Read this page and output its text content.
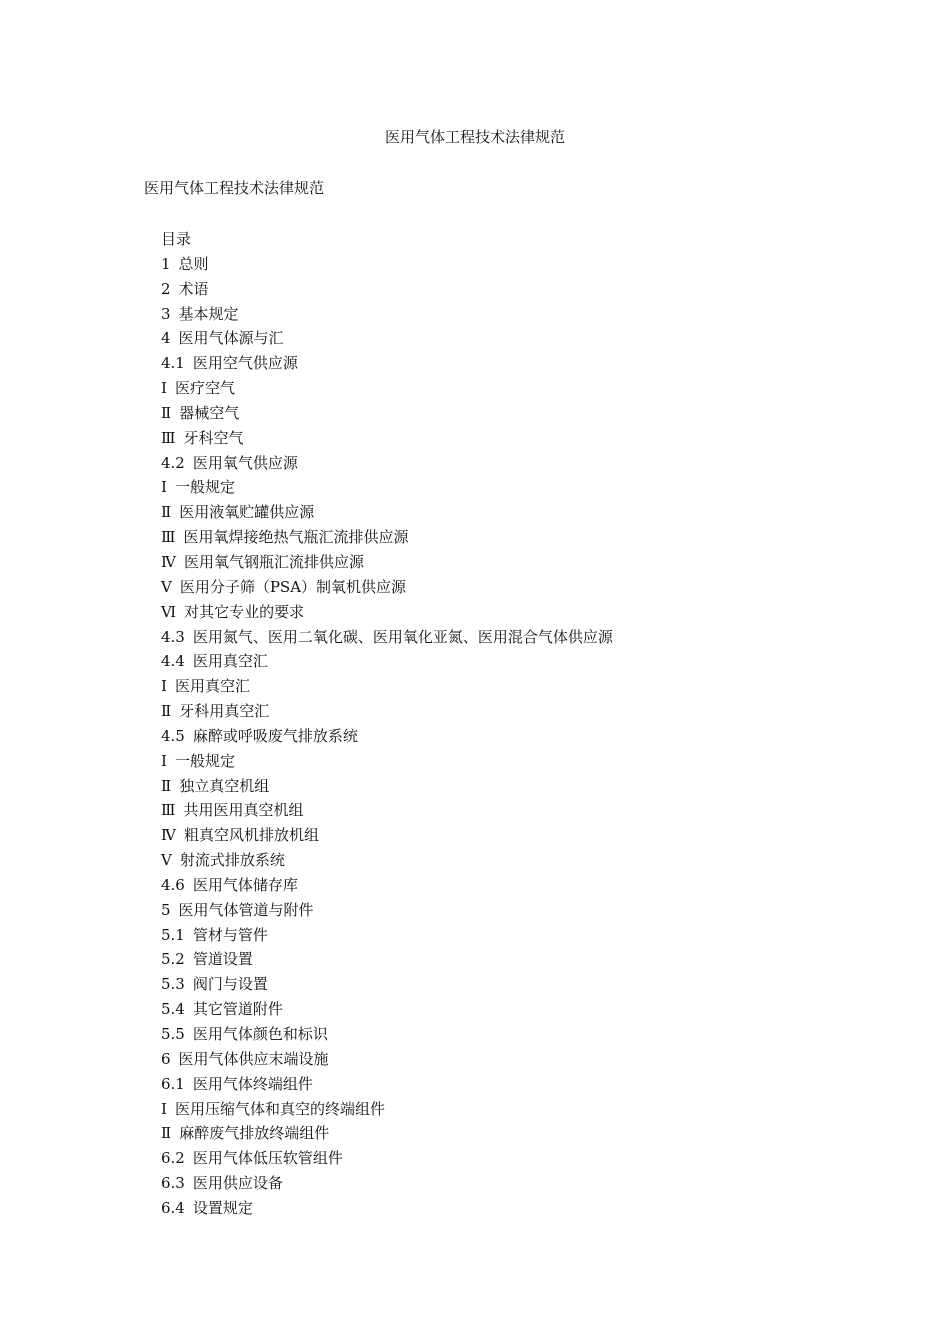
医用气体工程技术法律规范
医用气体工程技术法律规范
目录
1 总则
2 术语
3 基本规定
4 医用气体源与汇
4.1 医用空气供应源
Ⅰ 医疗空气
Ⅱ 器械空气
Ⅲ 牙科空气
4.2 医用氧气供应源
Ⅰ 一般规定
Ⅱ 医用液氧贮罐供应源
Ⅲ 医用氧焊接绝热气瓶汇流排供应源
Ⅳ 医用氧气钢瓶汇流排供应源
Ⅴ 医用分子筛（PSA）制氧机供应源
Ⅵ 对其它专业的要求
4.3 医用氮气、医用二氧化碳、医用氧化亚氮、医用混合气体供应源
4.4 医用真空汇
Ⅰ 医用真空汇
Ⅱ 牙科用真空汇
4.5 麻醉或呼吸废气排放系统
Ⅰ 一般规定
Ⅱ 独立真空机组
Ⅲ 共用医用真空机组
Ⅳ 粗真空风机排放机组
Ⅴ 射流式排放系统
4.6 医用气体储存库
5 医用气体管道与附件
5.1 管材与管件
5.2 管道设置
5.3 阀门与设置
5.4 其它管道附件
5.5 医用气体颜色和标识
6 医用气体供应末端设施
6.1 医用气体终端组件
Ⅰ 医用压缩气体和真空的终端组件
Ⅱ 麻醉废气排放终端组件
6.2 医用气体低压软管组件
6.3 医用供应设备
6.4 设置规定
